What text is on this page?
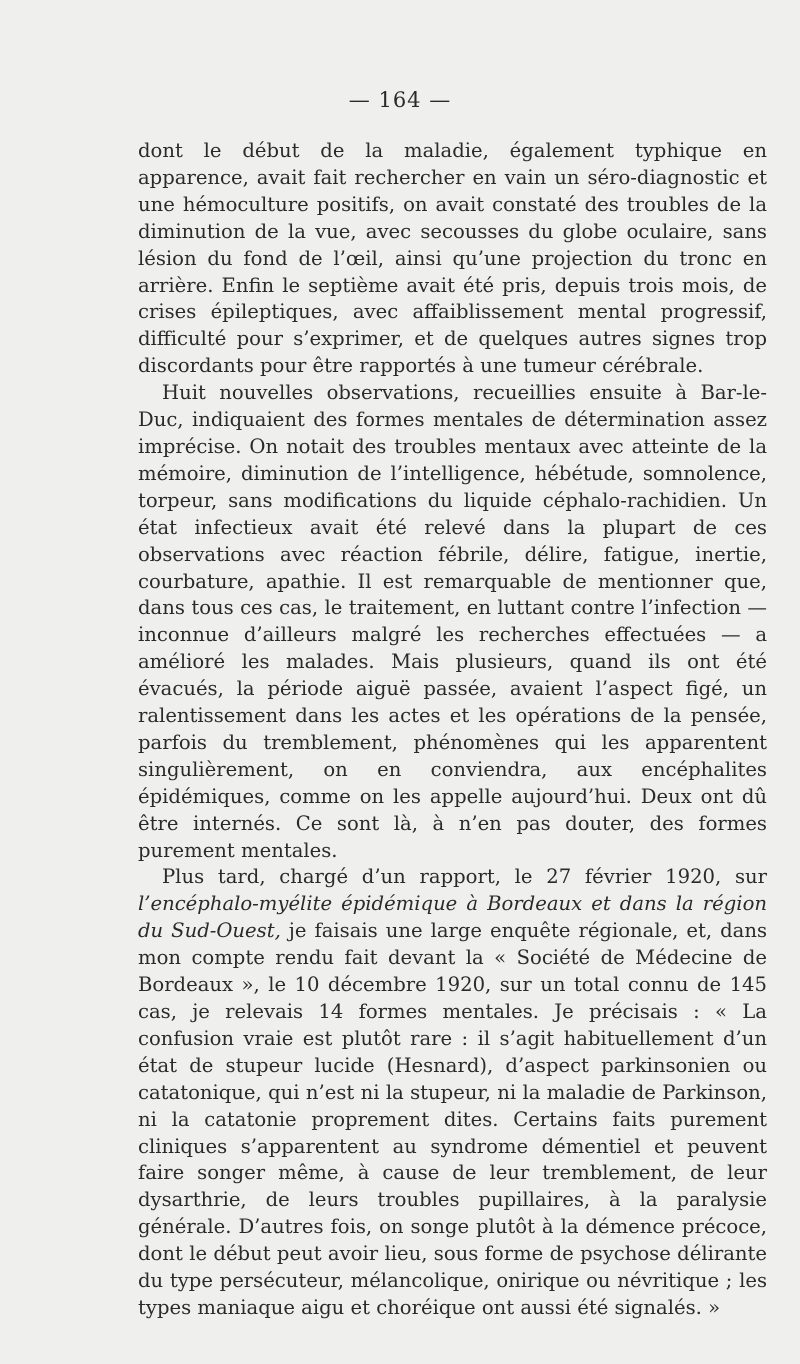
— 164 —

dont le début de la maladie, également typhique en apparence, avait fait rechercher en vain un séro-diagnostic et une hémoculture positifs, on avait constaté des troubles de la diminution de la vue, avec secousses du globe oculaire, sans lésion du fond de l’œil, ainsi qu’une projection du tronc en arrière. Enfin le septième avait été pris, depuis trois mois, de crises épileptiques, avec affaiblissement mental progressif, difficulté pour s’exprimer, et de quelques autres signes trop discordants pour être rapportés à une tumeur cérébrale.

Huit nouvelles observations, recueillies ensuite à Bar-le-Duc, indiquaient des formes mentales de détermination assez imprécise. On notait des troubles mentaux avec atteinte de la mémoire, diminution de l’intelligence, hébétude, somnolence, torpeur, sans modifications du liquide céphalo-rachidien. Un état infectieux avait été relevé dans la plupart de ces observations avec réaction fébrile, délire, fatigue, inertie, courbature, apathie. Il est remarquable de mentionner que, dans tous ces cas, le traitement, en luttant contre l’infection — inconnue d’ailleurs malgré les recherches effectuées — a amélioré les malades. Mais plusieurs, quand ils ont été évacués, la période aiguë passée, avaient l’aspect figé, un ralentissement dans les actes et les opérations de la pensée, parfois du tremblement, phénomènes qui les apparentent singulièrement, on en conviendra, aux encéphalites épidémiques, comme on les appelle aujourd’hui. Deux ont dû être internés. Ce sont là, à n’en pas douter, des formes purement mentales.

Plus tard, chargé d’un rapport, le 27 février 1920, sur l’encéphalo-myélite épidémique à Bordeaux et dans la région du Sud-Ouest, je faisais une large enquête régionale, et, dans mon compte rendu fait devant la « Société de Médecine de Bordeaux », le 10 décembre 1920, sur un total connu de 145 cas, je relevais 14 formes mentales. Je précisais : « La confusion vraie est plutôt rare : il s’agit habituellement d’un état de stupeur lucide (Hesnard), d’aspect parkinsonien ou catatonique, qui n’est ni la stupeur, ni la maladie de Parkinson, ni la catatonie proprement dites. Certains faits purement cliniques s’apparentent au syndrome démentiel et peuvent faire songer même, à cause de leur tremblement, de leur dysarthrie, de leurs troubles pupillaires, à la paralysie générale. D’autres fois, on songe plutôt à la démence précoce, dont le début peut avoir lieu, sous forme de psychose délirante du type persécuteur, mélancolique, onirique ou névritique ; les types maniaque aigu et choréique ont aussi été signalés. »
